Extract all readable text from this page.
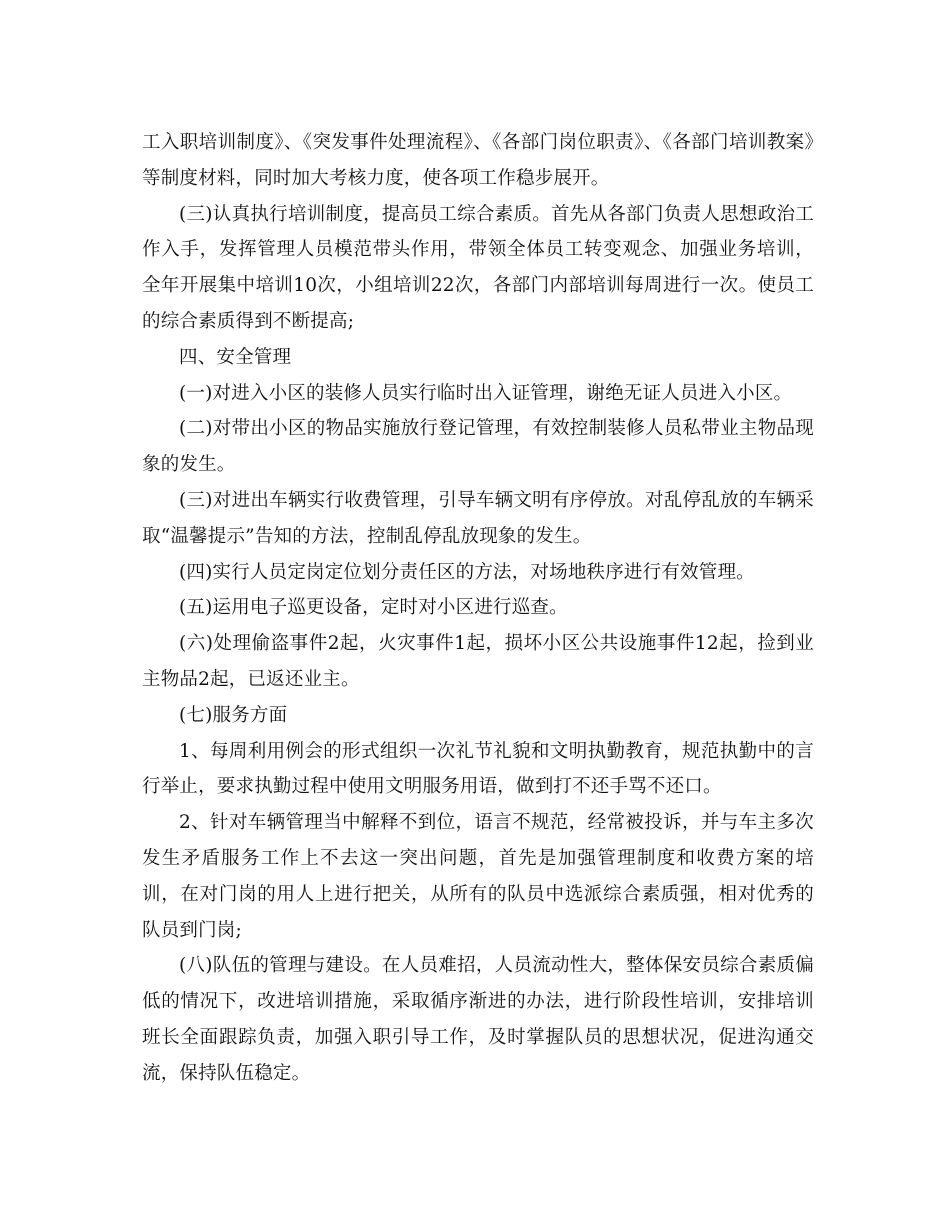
工入职培训制度》、《突发事件处理流程》、《各部门岗位职责》、《各部门培训教案》等制度材料，同时加大考核力度，使各项工作稳步展开。

(三)认真执行培训制度，提高员工综合素质。首先从各部门负责人思想政治工作入手，发挥管理人员模范带头作用，带领全体员工转变观念、加强业务培训，全年开展集中培训10次，小组培训22次，各部门内部培训每周进行一次。使员工的综合素质得到不断提高;

四、安全管理

(一)对进入小区的装修人员实行临时出入证管理，谢绝无证人员进入小区。

(二)对带出小区的物品实施放行登记管理，有效控制装修人员私带业主物品现象的发生。

(三)对进出车辆实行收费管理，引导车辆文明有序停放。对乱停乱放的车辆采取“温馨提示”告知的方法，控制乱停乱放现象的发生。

(四)实行人员定岗定位划分责任区的方法，对场地秩序进行有效管理。

(五)运用电子巡更设备，定时对小区进行巡查。

(六)处理偷盗事件2起，火灾事件1起，损坏小区公共设施事件12起，捡到业主物品2起，已返还业主。

(七)服务方面

1、每周利用例会的形式组织一次礼节礼貌和文明执勤教育，规范执勤中的言行举止，要求执勤过程中使用文明服务用语，做到打不还手骂不还口。

2、针对车辆管理当中解释不到位，语言不规范，经常被投诉，并与车主多次发生矛盾服务工作上不去这一突出问题，首先是加强管理制度和收费方案的培训，在对门岗的用人上进行把关，从所有的队员中选派综合素质强，相对优秀的队员到门岗;

(八)队伍的管理与建设。在人员难招，人员流动性大，整体保安员综合素质偏低的情况下，改进培训措施，采取循序渐进的办法，进行阶段性培训，安排培训班长全面跟踪负责，加强入职引导工作，及时掌握队员的思想状况，促进沟通交流，保持队伍稳定。
